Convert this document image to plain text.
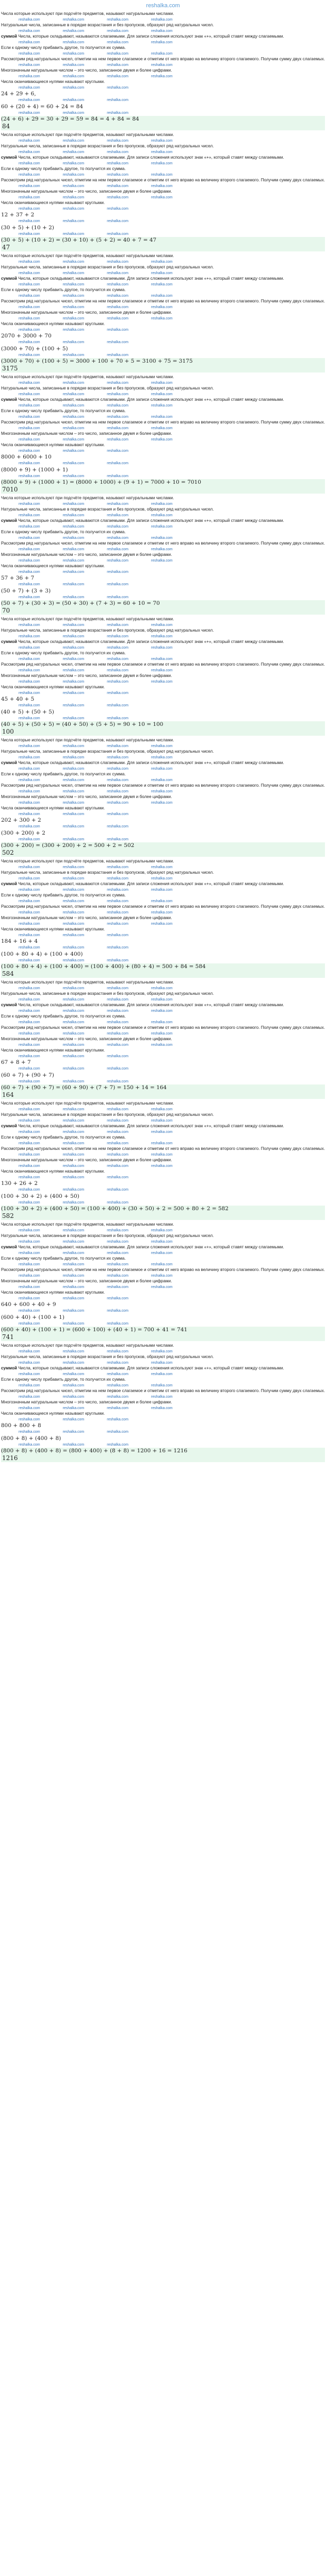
reshalka.com
Числа которые используют при подсчёте предметов, называют натуральными числами.
reshalka.com	reshalka.com	reshalka.com	reshalka.com
Натуральные числа, записанные в порядке возрастания и без пропусков, образуют ряд натуральных чисел.
reshalka.com	reshalka.com	reshalka.com	reshalka.com
суммой Числа, которые складывают, называются слагаемыми. Для записи сложения используют знак «+», который ставят между слагаемыми.
reshalka.com	reshalka.com	reshalka.com	reshalka.com
Если к одному числу прибавить другое, то получится их сумма.
reshalka.com	reshalka.com	reshalka.com	reshalka.com
Рассмотрим ряд натуральных чисел, отметим на нем первое слагаемое и отметим от него вправо на величину второго слагаемого. Получим сумму двух слагаемых.
reshalka.com	reshalka.com	reshalka.com	reshalka.com
Многозначным натуральным числом – это число, записанное двумя и более цифрами.
reshalka.com	reshalka.com	reshalka.com	reshalka.com
Числа оканчивающиеся нулями называют круглыми.
reshalka.com	reshalka.com	reshalka.com
24 + 29 + 6,
reshalka.com	reshalka.com	reshalka.com
60 + (20 + 4) = 60 + 24 = 84
reshalka.com	reshalka.com	reshalka.com
(24 + 6) + 29 = 30 + 29 = 59 = 84 = 4 + 84 = 84
84
Числа которые используют при подсчёте предметов, называют натуральными числами.
reshalka.com	reshalka.com	reshalka.com	reshalka.com
Натуральные числа, записанные в порядке возрастания и без пропусков, образуют ряд натуральных чисел.
reshalka.com	reshalka.com	reshalka.com	reshalka.com
суммой Числа, которые складывают, называются слагаемыми. Для записи сложения используют знак «+», который ставят между слагаемыми.
reshalka.com	reshalka.com	reshalka.com	reshalka.com
Если к одному числу прибавить другое, то получится их сумма.
reshalka.com	reshalka.com	reshalka.com	reshalka.com
Рассмотрим ряд натуральных чисел, отметим на нем первое слагаемое и отметим от него вправо на величину второго слагаемого. Получим сумму двух слагаемых.
reshalka.com	reshalka.com	reshalka.com	reshalka.com
Многозначным натуральным числом – это число, записанное двумя и более цифрами.
reshalka.com	reshalka.com	reshalka.com	reshalka.com
Числа оканчивающиеся нулями называют круглыми.
reshalka.com	reshalka.com	reshalka.com
12 + 37 + 2
reshalka.com	reshalka.com	reshalka.com
(30 + 5) + (10 + 2)
reshalka.com	reshalka.com	reshalka.com
(30 + 5) + (10 + 2) = (30 + 10) + (5 + 2) = 40 + 7 = 47
47
Числа которые используют при подсчёте предметов, называют натуральными числами.
reshalka.com	reshalka.com	reshalka.com	reshalka.com
Натуральные числа, записанные в порядке возрастания и без пропусков, образуют ряд натуральных чисел.
reshalka.com	reshalka.com	reshalka.com	reshalka.com
суммой Числа, которые складывают, называются слагаемыми. Для записи сложения используют знак «+», который ставят между слагаемыми.
reshalka.com	reshalka.com	reshalka.com	reshalka.com
Если к одному числу прибавить другое, то получится их сумма.
reshalka.com	reshalka.com	reshalka.com	reshalka.com
Рассмотрим ряд натуральных чисел, отметим на нем первое слагаемое и отметим от него вправо на величину второго слагаемого. Получим сумму двух слагаемых.
reshalka.com	reshalka.com	reshalka.com	reshalka.com
Многозначным натуральным числом – это число, записанное двумя и более цифрами.
reshalka.com	reshalka.com	reshalka.com	reshalka.com
Числа оканчивающиеся нулями называют круглыми.
reshalka.com	reshalka.com	reshalka.com
2070 + 3000 + 70
reshalka.com	reshalka.com	reshalka.com
(3000 + 70) + (100 + 5)
reshalka.com	reshalka.com	reshalka.com
(3000 + 70) + (100 + 5) = 3000 + 100 + 70 + 5 = 3100 + 75 = 3175
3175
Числа которые используют при подсчёте предметов, называют натуральными числами.
reshalka.com	reshalka.com	reshalka.com	reshalka.com
Натуральные числа, записанные в порядке возрастания и без пропусков, образуют ряд натуральных чисел.
reshalka.com	reshalka.com	reshalka.com	reshalka.com
суммой Числа, которые складывают, называются слагаемыми. Для записи сложения используют знак «+», который ставят между слагаемыми.
reshalka.com	reshalka.com	reshalka.com	reshalka.com
Если к одному числу прибавить другое, то получится их сумма.
reshalka.com	reshalka.com	reshalka.com	reshalka.com
Рассмотрим ряд натуральных чисел, отметим на нем первое слагаемое и отметим от него вправо на величину второго слагаемого. Получим сумму двух слагаемых.
reshalka.com	reshalka.com	reshalka.com	reshalka.com
Многозначным натуральным числом – это число, записанное двумя и более цифрами.
reshalka.com	reshalka.com	reshalka.com	reshalka.com
Числа оканчивающиеся нулями называют круглыми.
reshalka.com	reshalka.com	reshalka.com
8000 + 6000 + 10
reshalka.com	reshalka.com	reshalka.com
(8000 + 9) + (1000 + 1)
reshalka.com	reshalka.com	reshalka.com
(8000 + 9) + (1000 + 1) = (8000 + 1000) + (9 + 1) = 7000 + 10 = 7010
7010
Числа которые используют при подсчёте предметов, называют натуральными числами.
reshalka.com	reshalka.com	reshalka.com	reshalka.com
Натуральные числа, записанные в порядке возрастания и без пропусков, образуют ряд натуральных чисел.
reshalka.com	reshalka.com	reshalka.com	reshalka.com
суммой Числа, которые складывают, называются слагаемыми. Для записи сложения используют знак «+», который ставят между слагаемыми.
reshalka.com	reshalka.com	reshalka.com	reshalka.com
Если к одному числу прибавить другое, то получится их сумма.
reshalka.com	reshalka.com	reshalka.com	reshalka.com
Рассмотрим ряд натуральных чисел, отметим на нем первое слагаемое и отметим от него вправо на величину второго слагаемого. Получим сумму двух слагаемых.
reshalka.com	reshalka.com	reshalka.com	reshalka.com
Многозначным натуральным числом – это число, записанное двумя и более цифрами.
reshalka.com	reshalka.com	reshalka.com	reshalka.com
Числа оканчивающиеся нулями называют круглыми.
reshalka.com	reshalka.com	reshalka.com
57 + 36 + 7
reshalka.com	reshalka.com	reshalka.com
(50 + 7) + (3 + 3)
reshalka.com	reshalka.com	reshalka.com
(50 + 7) + (30 + 3) = (50 + 30) + (7 + 3) = 60 + 10 = 70
70
Числа которые используют при подсчёте предметов, называют натуральными числами.
reshalka.com	reshalka.com	reshalka.com	reshalka.com
Натуральные числа, записанные в порядке возрастания и без пропусков, образуют ряд натуральных чисел.
reshalka.com	reshalka.com	reshalka.com	reshalka.com
суммой Числа, которые складывают, называются слагаемыми. Для записи сложения используют знак «+», который ставят между слагаемыми.
reshalka.com	reshalka.com	reshalka.com	reshalka.com
Если к одному числу прибавить другое, то получится их сумма.
reshalka.com	reshalka.com	reshalka.com	reshalka.com
Рассмотрим ряд натуральных чисел, отметим на нем первое слагаемое и отметим от него вправо на величину второго слагаемого. Получим сумму двух слагаемых.
reshalka.com	reshalka.com	reshalka.com	reshalka.com
Многозначным натуральным числом – это число, записанное двумя и более цифрами.
reshalka.com	reshalka.com	reshalka.com	reshalka.com
Числа оканчивающиеся нулями называют круглыми.
reshalka.com	reshalka.com	reshalka.com
45 + 40 + 5
reshalka.com	reshalka.com	reshalka.com
(40 + 5) + (50 + 5)
reshalka.com	reshalka.com	reshalka.com
(40 + 5) + (50 + 5) = (40 + 50) + (5 + 5) = 90 + 10 = 100
100
Числа которые используют при подсчёте предметов, называют натуральными числами.
reshalka.com	reshalka.com	reshalka.com	reshalka.com
Натуральные числа, записанные в порядке возрастания и без пропусков, образуют ряд натуральных чисел.
reshalka.com	reshalka.com	reshalka.com	reshalka.com
суммой Числа, которые складывают, называются слагаемыми. Для записи сложения используют знак «+», который ставят между слагаемыми.
reshalka.com	reshalka.com	reshalka.com	reshalka.com
Если к одному числу прибавить другое, то получится их сумма.
reshalka.com	reshalka.com	reshalka.com	reshalka.com
Рассмотрим ряд натуральных чисел, отметим на нем первое слагаемое и отметим от него вправо на величину второго слагаемого. Получим сумму двух слагаемых.
reshalka.com	reshalka.com	reshalka.com	reshalka.com
Многозначным натуральным числом – это число, записанное двумя и более цифрами.
reshalka.com	reshalka.com	reshalka.com	reshalka.com
Числа оканчивающиеся нулями называют круглыми.
reshalka.com	reshalka.com	reshalka.com
202 + 300 + 2
reshalka.com	reshalka.com	reshalka.com
(300 + 200) + 2
reshalka.com	reshalka.com	reshalka.com
(300 + 200) = (300 + 200) + 2 = 500 + 2 = 502
502
Числа которые используют при подсчёте предметов, называют натуральными числами.
reshalka.com	reshalka.com	reshalka.com	reshalka.com
Натуральные числа, записанные в порядке возрастания и без пропусков, образуют ряд натуральных чисел.
reshalka.com	reshalka.com	reshalka.com	reshalka.com
суммой Числа, которые складывают, называются слагаемыми. Для записи сложения используют знак «+», который ставят между слагаемыми.
reshalka.com	reshalka.com	reshalka.com	reshalka.com
Если к одному числу прибавить другое, то получится их сумма.
reshalka.com	reshalka.com	reshalka.com	reshalka.com
Рассмотрим ряд натуральных чисел, отметим на нем первое слагаемое и отметим от него вправо на величину второго слагаемого. Получим сумму двух слагаемых.
reshalka.com	reshalka.com	reshalka.com	reshalka.com
Многозначным натуральным числом – это число, записанное двумя и более цифрами.
reshalka.com	reshalka.com	reshalka.com	reshalka.com
Числа оканчивающиеся нулями называют круглыми.
reshalka.com	reshalka.com	reshalka.com
184 + 16 + 4
reshalka.com	reshalka.com	reshalka.com
(100 + 80 + 4) + (100 + 400)
reshalka.com	reshalka.com	reshalka.com
(100 + 80 + 4) + (100 + 400) = (100 + 400) + (80 + 4) = 500 + 84 = 584
584
Числа которые используют при подсчёте предметов, называют натуральными числами.
reshalka.com	reshalka.com	reshalka.com	reshalka.com
Натуральные числа, записанные в порядке возрастания и без пропусков, образуют ряд натуральных чисел.
reshalka.com	reshalka.com	reshalka.com	reshalka.com
суммой Числа, которые складывают, называются слагаемыми. Для записи сложения используют знак «+», который ставят между слагаемыми.
reshalka.com	reshalka.com	reshalka.com	reshalka.com
Если к одному числу прибавить другое, то получится их сумма.
reshalka.com	reshalka.com	reshalka.com	reshalka.com
Рассмотрим ряд натуральных чисел, отметим на нем первое слагаемое и отметим от него вправо на величину второго слагаемого. Получим сумму двух слагаемых.
reshalka.com	reshalka.com	reshalka.com	reshalka.com
Многозначным натуральным числом – это число, записанное двумя и более цифрами.
reshalka.com	reshalka.com	reshalka.com	reshalka.com
Числа оканчивающиеся нулями называют круглыми.
reshalka.com	reshalka.com	reshalka.com
67 + 8 + 7
reshalka.com	reshalka.com	reshalka.com
(60 + 7) + (90 + 7)
reshalka.com	reshalka.com	reshalka.com
(60 + 7) + (90 + 7) = (60 + 90) + (7 + 7) = 150 + 14 = 164
164
Числа которые используют при подсчёте предметов, называют натуральными числами.
reshalka.com	reshalka.com	reshalka.com	reshalka.com
Натуральные числа, записанные в порядке возрастания и без пропусков, образуют ряд натуральных чисел.
reshalka.com	reshalka.com	reshalka.com	reshalka.com
суммой Числа, которые складывают, называются слагаемыми. Для записи сложения используют знак «+», который ставят между слагаемыми.
reshalka.com	reshalka.com	reshalka.com	reshalka.com
Если к одному числу прибавить другое, то получится их сумма.
reshalka.com	reshalka.com	reshalka.com	reshalka.com
Рассмотрим ряд натуральных чисел, отметим на нем первое слагаемое и отметим от него вправо на величину второго слагаемого. Получим сумму двух слагаемых.
reshalka.com	reshalka.com	reshalka.com	reshalka.com
Многозначным натуральным числом – это число, записанное двумя и более цифрами.
reshalka.com	reshalka.com	reshalka.com	reshalka.com
Числа оканчивающиеся нулями называют круглыми.
reshalka.com	reshalka.com	reshalka.com
130 + 26 + 2
reshalka.com	reshalka.com	reshalka.com
(100 + 30 + 2) + (400 + 50)
reshalka.com	reshalka.com	reshalka.com
(100 + 30 + 2) + (400 + 50) = (100 + 400) + (30 + 50) + 2 = 500 + 80 + 2 = 582
582
Числа которые используют при подсчёте предметов, называют натуральными числами.
reshalka.com	reshalka.com	reshalka.com	reshalka.com
Натуральные числа, записанные в порядке возрастания и без пропусков, образуют ряд натуральных чисел.
reshalka.com	reshalka.com	reshalka.com	reshalka.com
суммой Числа, которые складывают, называются слагаемыми. Для записи сложения используют знак «+», который ставят между слагаемыми.
reshalka.com	reshalka.com	reshalka.com	reshalka.com
Если к одному числу прибавить другое, то получится их сумма.
reshalka.com	reshalka.com	reshalka.com	reshalka.com
Рассмотрим ряд натуральных чисел, отметим на нем первое слагаемое и отметим от него вправо на величину второго слагаемого. Получим сумму двух слагаемых.
reshalka.com	reshalka.com	reshalka.com	reshalka.com
Многозначным натуральным числом – это число, записанное двумя и более цифрами.
reshalka.com	reshalka.com	reshalka.com	reshalka.com
Числа оканчивающиеся нулями называют круглыми.
reshalka.com	reshalka.com	reshalka.com
640 + 600 + 40 + 9
reshalka.com	reshalka.com	reshalka.com
(600 + 40) + (100 + 1)
reshalka.com	reshalka.com	reshalka.com
(600 + 40) + (100 + 1) = (600 + 100) + (40 + 1) = 700 + 41 = 741
741
Числа которые используют при подсчёте предметов, называют натуральными числами.
reshalka.com	reshalka.com	reshalka.com	reshalka.com
Натуральные числа, записанные в порядке возрастания и без пропусков, образуют ряд натуральных чисел.
reshalka.com	reshalka.com	reshalka.com	reshalka.com
суммой Числа, которые складывают, называются слагаемыми. Для записи сложения используют знак «+», который ставят между слагаемыми.
reshalka.com	reshalka.com	reshalka.com	reshalka.com
Если к одному числу прибавить другое, то получится их сумма.
reshalka.com	reshalka.com	reshalka.com	reshalka.com
Рассмотрим ряд натуральных чисел, отметим на нем первое слагаемое и отметим от него вправо на величину второго слагаемого. Получим сумму двух слагаемых.
reshalka.com	reshalka.com	reshalka.com	reshalka.com
Многозначным натуральным числом – это число, записанное двумя и более цифрами.
reshalka.com	reshalka.com	reshalka.com	reshalka.com
Числа оканчивающиеся нулями называют круглыми.
reshalka.com	reshalka.com	reshalka.com
800 + 800 + 8
reshalka.com	reshalka.com	reshalka.com
(800 + 8) + (400 + 8)
reshalka.com	reshalka.com	reshalka.com
(800 + 8) + (400 + 8) = (800 + 400) + (8 + 8) = 1200 + 16 = 1216
1216
